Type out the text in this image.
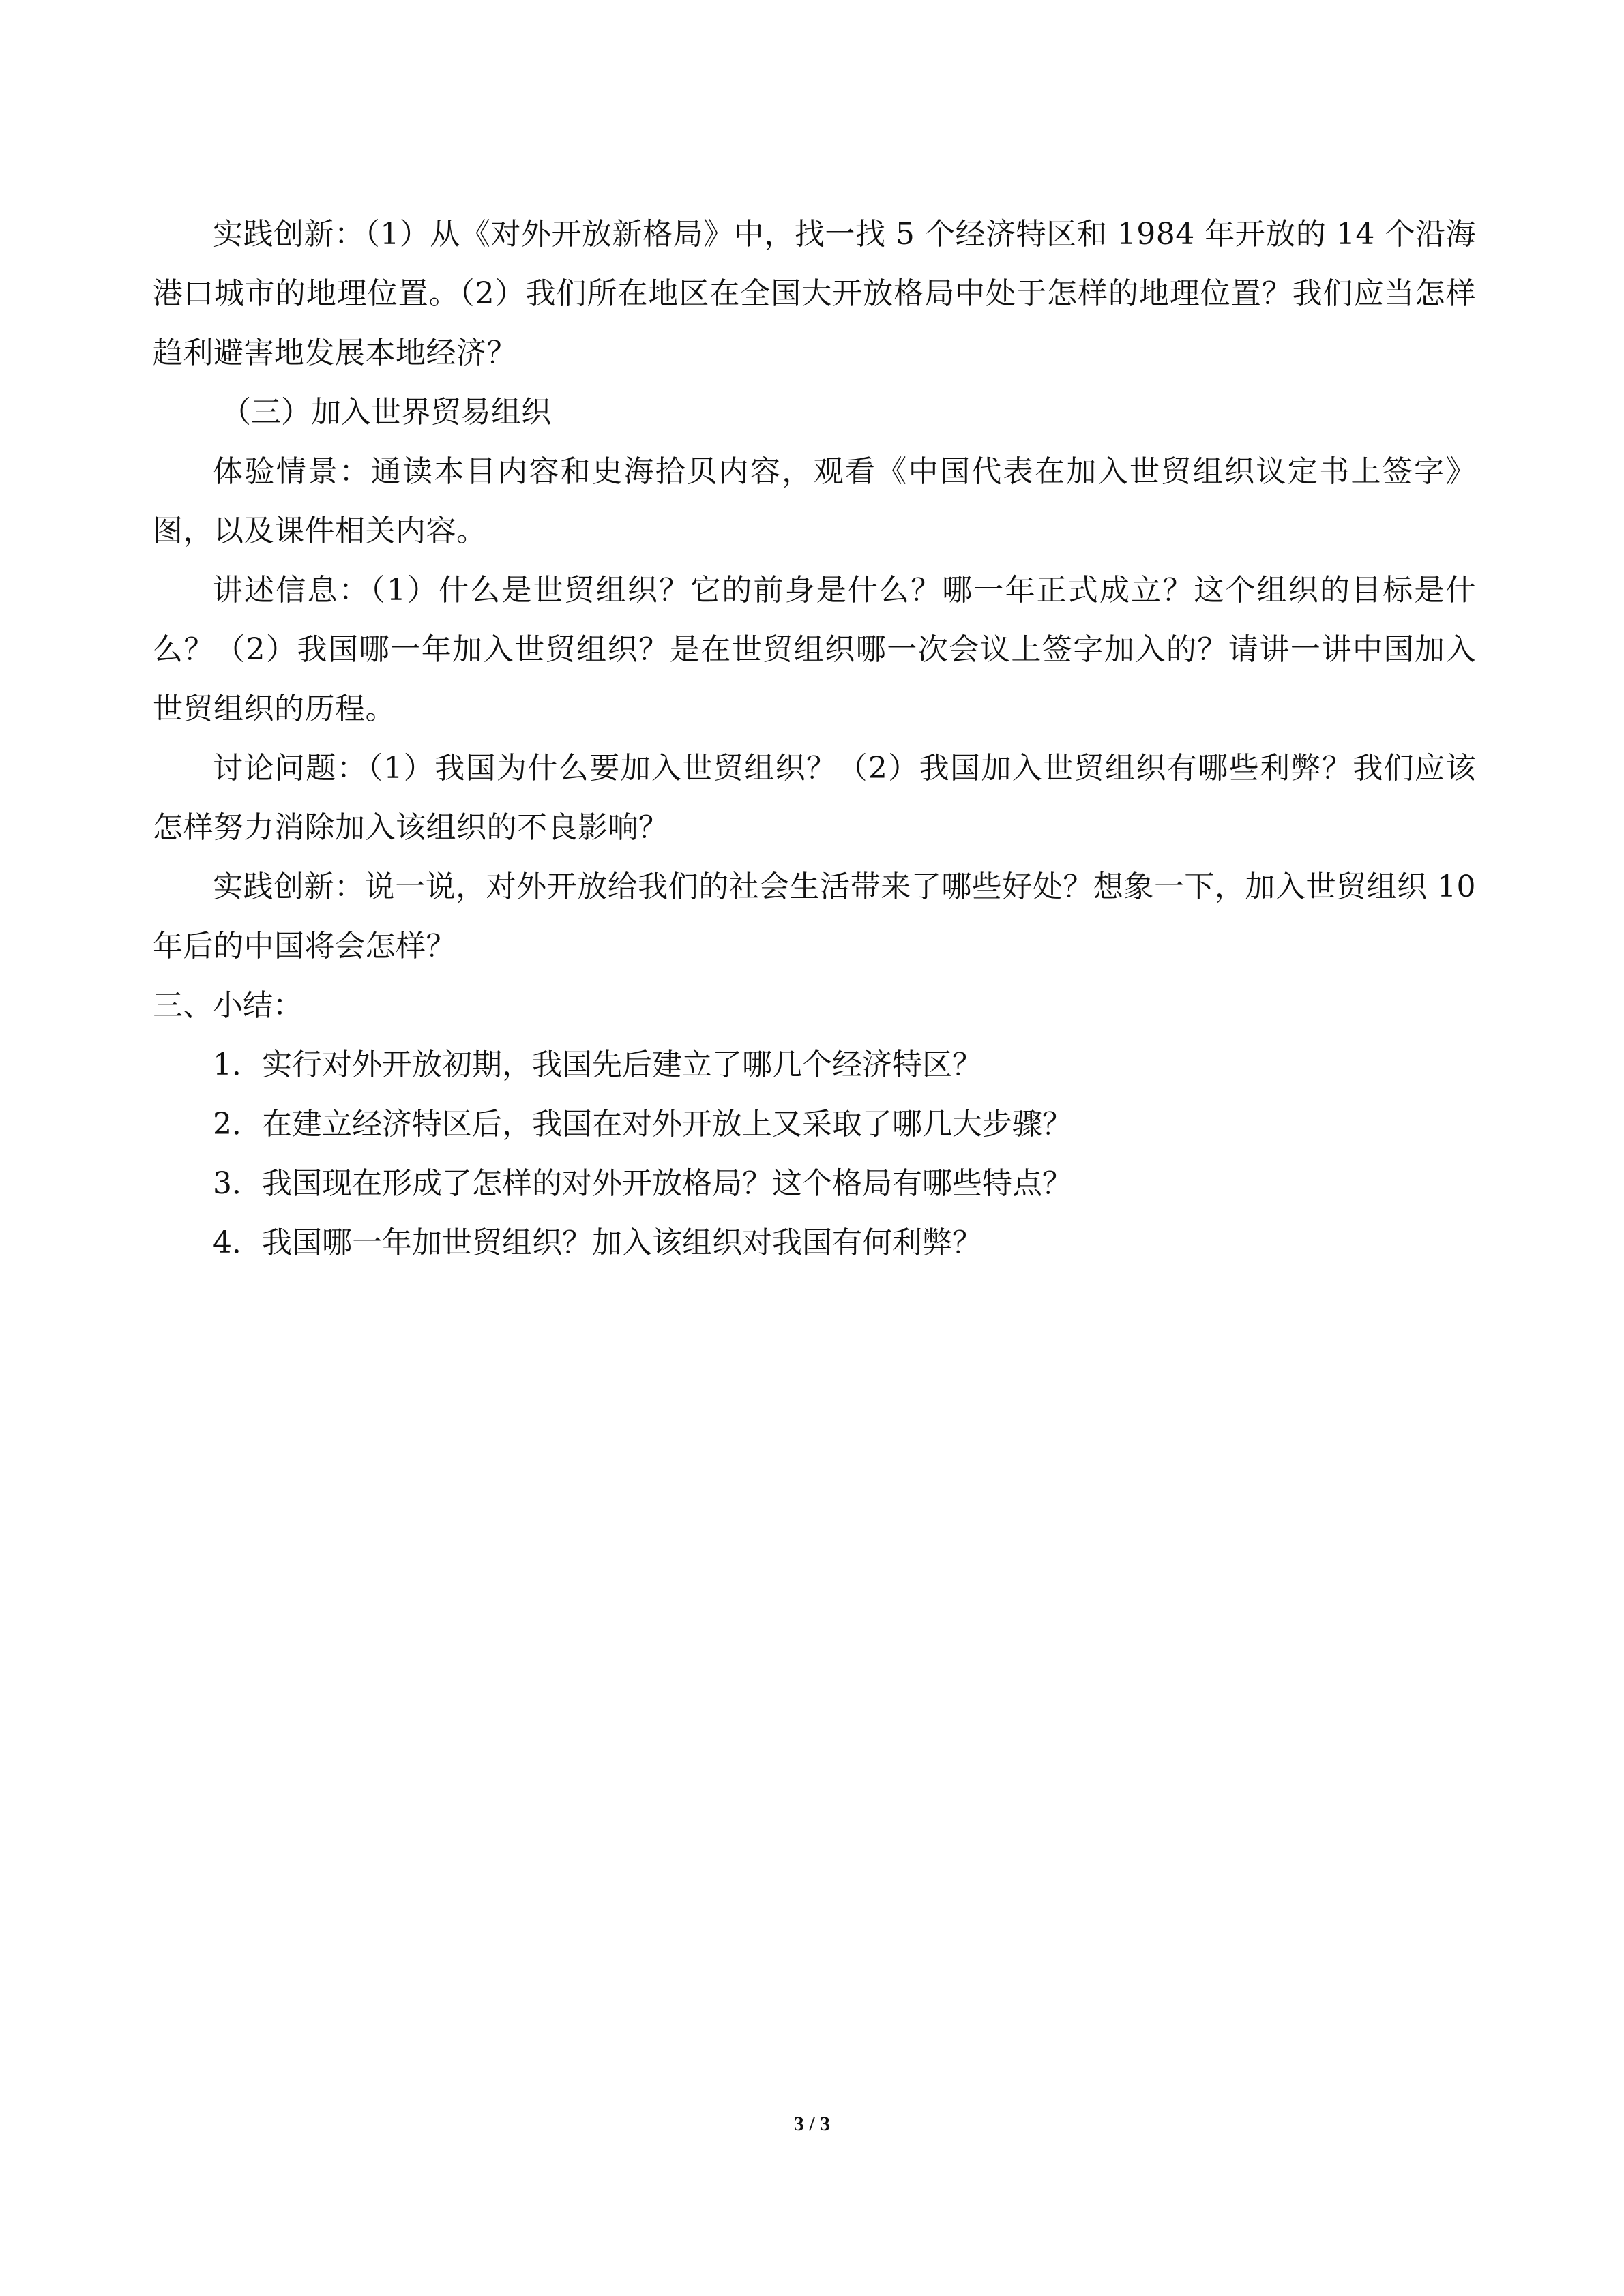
实践创新：（1）从《对外开放新格局》中，找一找 5 个经济特区和 1984 年开放的 14 个沿海港口城市的地理位置。（2）我们所在地区在全国大开放格局中处于怎样的地理位置？我们应当怎样趋利避害地发展本地经济？

（三）加入世界贸易组织

体验情景：通读本目内容和史海拾贝内容，观看《中国代表在加入世贸组织议定书上签字》图，以及课件相关内容。

讲述信息：（1）什么是世贸组织？它的前身是什么？哪一年正式成立？这个组织的目标是什么？（2）我国哪一年加入世贸组织？是在世贸组织哪一次会议上签字加入的？请讲一讲中国加入世贸组织的历程。

讨论问题：（1）我国为什么要加入世贸组织？（2）我国加入世贸组织有哪些利弊？我们应该怎样努力消除加入该组织的不良影响？

实践创新：说一说，对外开放给我们的社会生活带来了哪些好处？想象一下，加入世贸组织 10 年后的中国将会怎样？

三、小结：

1．实行对外开放初期，我国先后建立了哪几个经济特区？

2．在建立经济特区后，我国在对外开放上又采取了哪几大步骤？

3．我国现在形成了怎样的对外开放格局？这个格局有哪些特点？

4．我国哪一年加世贸组织？加入该组织对我国有何利弊？

3 / 3
